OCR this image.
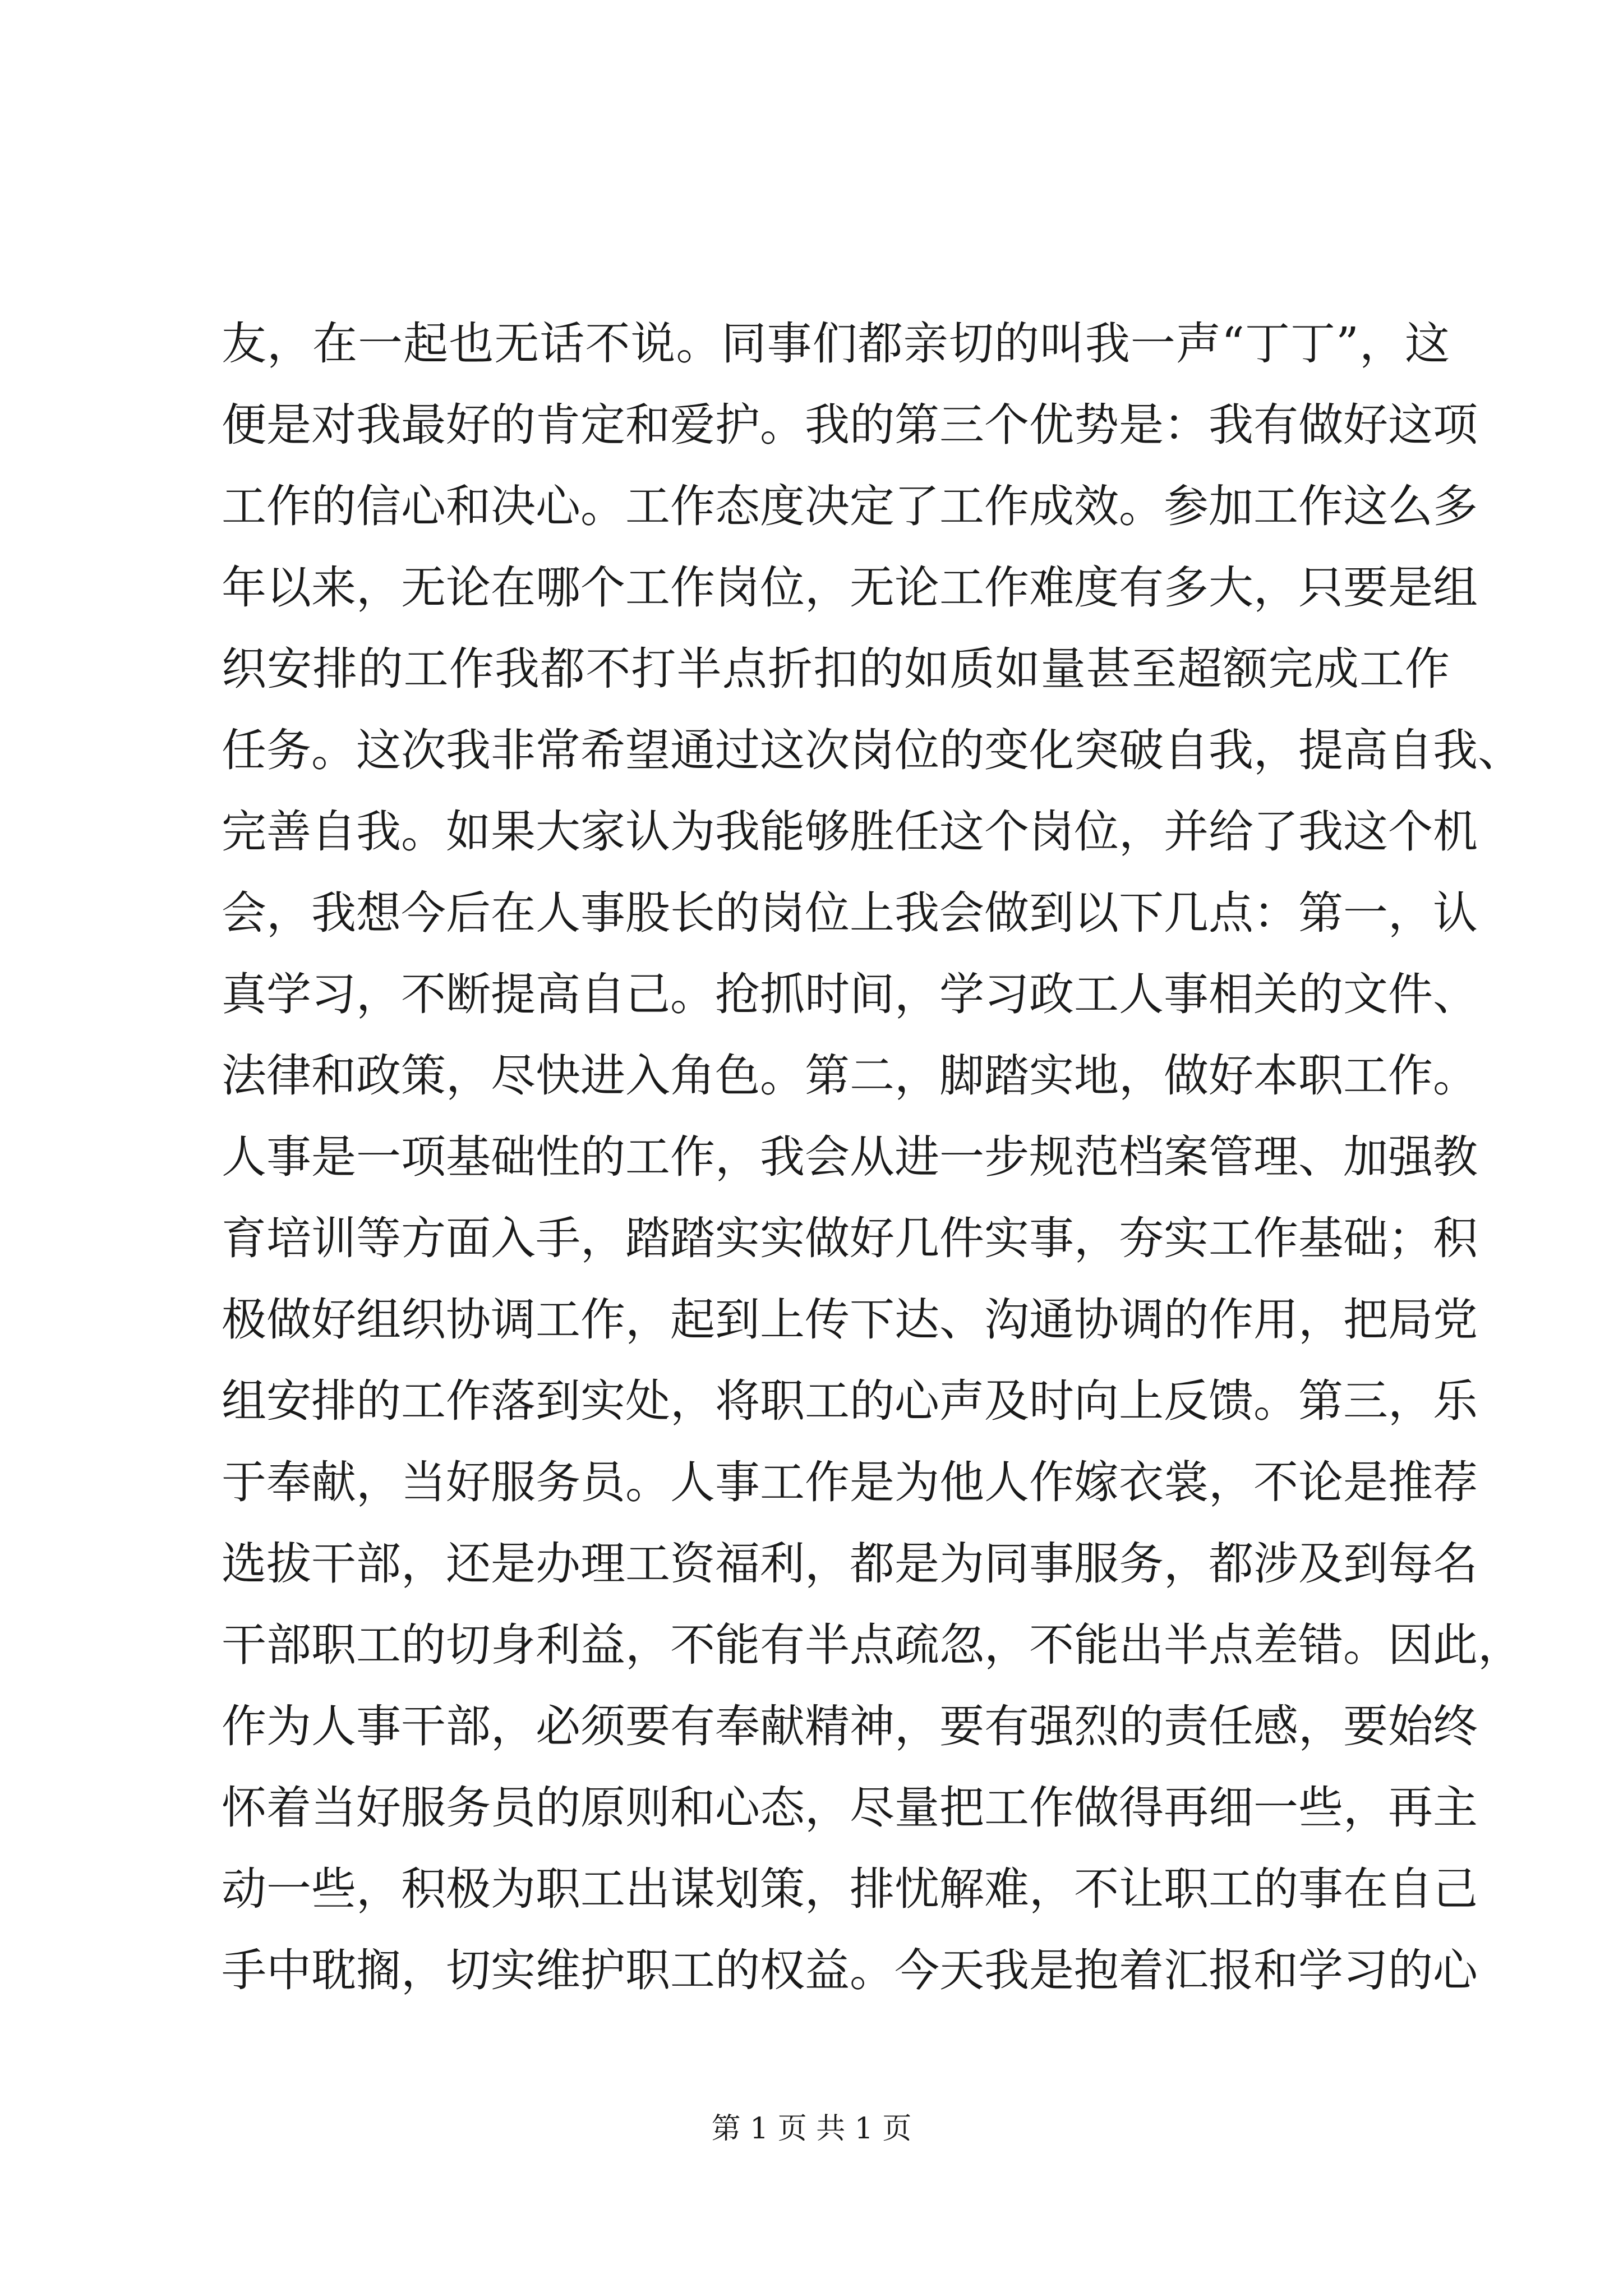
友，在一起也无话不说。同事们都亲切的叫我一声“丁丁”，这
便是对我最好的肯定和爱护。我的第三个优势是：我有做好这项
工作的信心和决心。工作态度决定了工作成效。参加工作这么多
年以来，无论在哪个工作岗位，无论工作难度有多大，只要是组
织安排的工作我都不打半点折扣的如质如量甚至超额完成工作
任务。这次我非常希望通过这次岗位的变化突破自我，提高自我、
完善自我。如果大家认为我能够胜任这个岗位，并给了我这个机
会，我想今后在人事股长的岗位上我会做到以下几点：第一，认
真学习，不断提高自己。抢抓时间，学习政工人事相关的文件、
法律和政策，尽快进入角色。第二，脚踏实地，做好本职工作。
人事是一项基础性的工作，我会从进一步规范档案管理、加强教
育培训等方面入手，踏踏实实做好几件实事，夯实工作基础；积
极做好组织协调工作，起到上传下达、沟通协调的作用，把局党
组安排的工作落到实处，将职工的心声及时向上反馈。第三，乐
于奉献，当好服务员。人事工作是为他人作嫁衣裳，不论是推荐
选拔干部，还是办理工资福利，都是为同事服务，都涉及到每名
干部职工的切身利益，不能有半点疏忽，不能出半点差错。因此，
作为人事干部，必须要有奉献精神，要有强烈的责任感，要始终
怀着当好服务员的原则和心态，尽量把工作做得再细一些，再主
动一些，积极为职工出谋划策，排忧解难，不让职工的事在自己
手中耽搁，切实维护职工的权益。今天我是抱着汇报和学习的心
第 1 页 共 1 页
